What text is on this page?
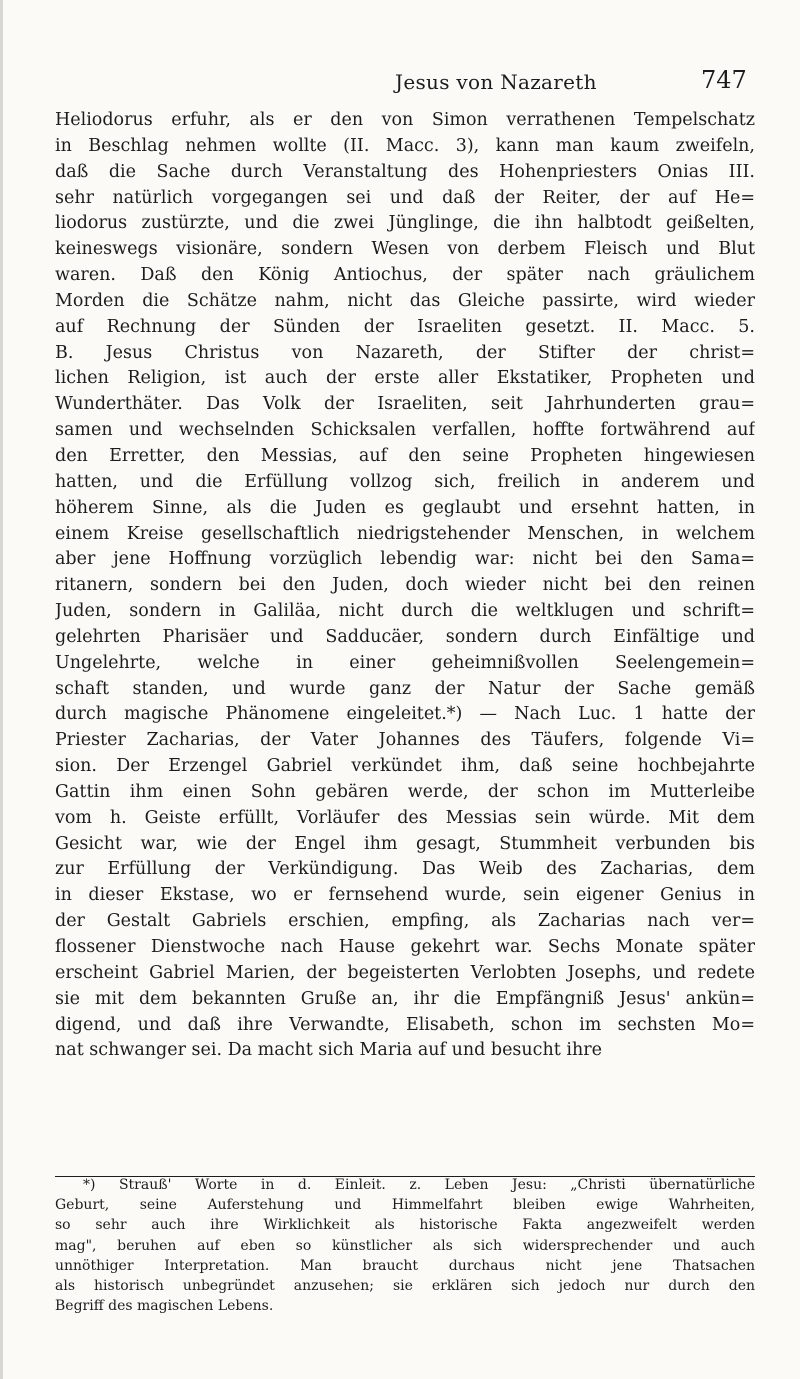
Jesus von Nazareth	747
Heliodorus erfuhr, als er den von Simon verrathenen Tempelschatz
in Beschlag nehmen wollte (II. Macc. 3), kann man kaum zweifeln,
daß die Sache durch Veranstaltung des Hohenpriesters Onias III.
sehr natürlich vorgegangen sei und daß der Reiter, der auf He=
liodorus zustürzte, und die zwei Jünglinge, die ihn halbtodt geißelten,
keineswegs visionäre, sondern Wesen von derbem Fleisch und Blut
waren. Daß den König Antiochus, der später nach gräulichem
Morden die Schätze nahm, nicht das Gleiche passirte, wird wieder
auf Rechnung der Sünden der Israeliten gesetzt. II. Macc. 5.
B. Jesus Christus von Nazareth, der Stifter der christ=
lichen Religion, ist auch der erste aller Ekstatiker, Propheten und
Wunderthäter. Das Volk der Israeliten, seit Jahrhunderten grau=
samen und wechselnden Schicksalen verfallen, hoffte fortwährend auf
den Erretter, den Messias, auf den seine Propheten hingewiesen
hatten, und die Erfüllung vollzog sich, freilich in anderem und
höherem Sinne, als die Juden es geglaubt und ersehnt hatten, in
einem Kreise gesellschaftlich niedrigstehender Menschen, in welchem
aber jene Hoffnung vorzüglich lebendig war: nicht bei den Sama=
ritanern, sondern bei den Juden, doch wieder nicht bei den reinen
Juden, sondern in Galiläa, nicht durch die weltklugen und schrift=
gelehrten Pharisäer und Sadducäer, sondern durch Einfältige und
Ungelehrte, welche in einer geheimnißvollen Seelengemein=
schaft standen, und wurde ganz der Natur der Sache gemäß
durch magische Phänomene eingeleitet.*) — Nach Luc. 1 hatte der
Priester Zacharias, der Vater Johannes des Täufers, folgende Vi=
sion. Der Erzengel Gabriel verkündet ihm, daß seine hochbejahrte
Gattin ihm einen Sohn gebären werde, der schon im Mutterleibe
vom h. Geiste erfüllt, Vorläufer des Messias sein würde. Mit dem
Gesicht war, wie der Engel ihm gesagt, Stummheit verbunden bis
zur Erfüllung der Verkündigung. Das Weib des Zacharias, dem
in dieser Ekstase, wo er fernsehend wurde, sein eigener Genius in
der Gestalt Gabriels erschien, empfing, als Zacharias nach ver=
flossener Dienstwoche nach Hause gekehrt war. Sechs Monate später
erscheint Gabriel Marien, der begeisterten Verlobten Josephs, und redete
sie mit dem bekannten Gruße an, ihr die Empfängniß Jesus' ankün=
digend, und daß ihre Verwandte, Elisabeth, schon im sechsten Mo=
nat schwanger sei. Da macht sich Maria auf und besucht ihre
*) Strauß' Worte in d. Einleit. z. Leben Jesu: „Christi übernatürliche
Geburt, seine Auferstehung und Himmelfahrt bleiben ewige Wahrheiten,
so sehr auch ihre Wirklichkeit als historische Fakta angezweifelt werden
mag", beruhen auf eben so künstlicher als sich widersprechender und auch
unnöthiger Interpretation. Man braucht durchaus nicht jene Thatsachen
als historisch unbegründet anzusehen; sie erklären sich jedoch nur durch den
Begriff des magischen Lebens.
